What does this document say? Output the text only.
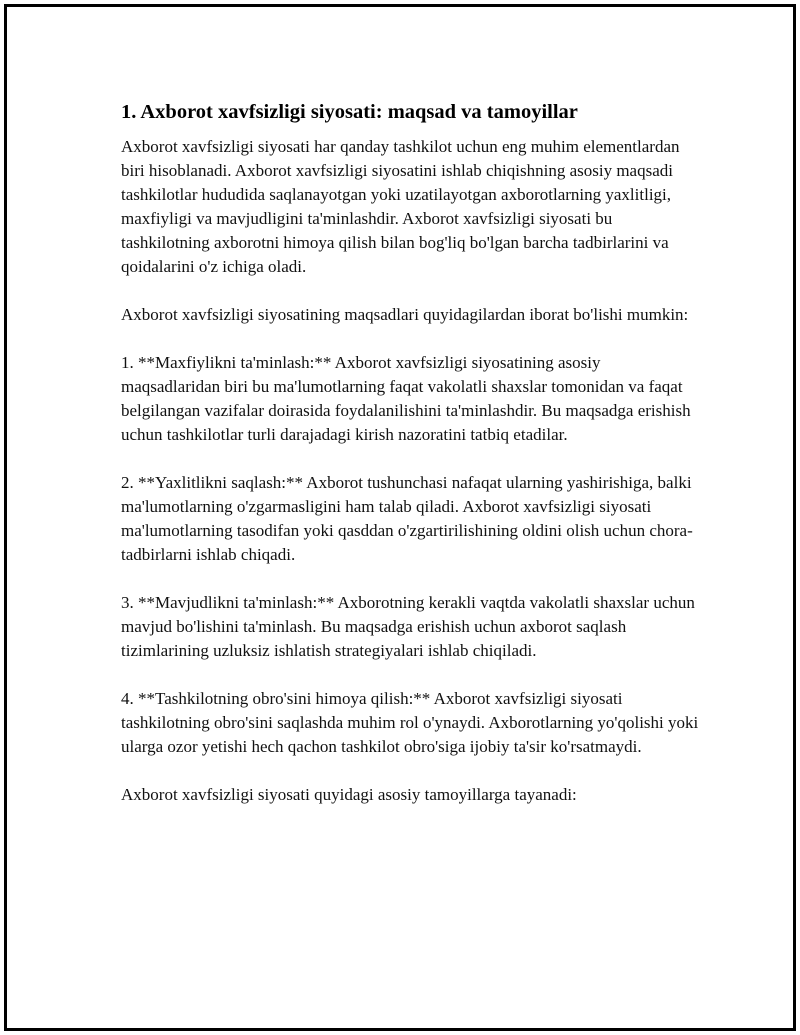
1. Axborot xavfsizligi siyosati: maqsad va tamoyillar

Axborot xavfsizligi siyosati har qanday tashkilot uchun eng muhim elementlardan biri hisoblanadi. Axborot xavfsizligi siyosatini ishlab chiqishning asosiy maqsadi tashkilotlar hududida saqlanayotgan yoki uzatilayotgan axborotlarning yaxlitligi, maxfiyligi va mavjudligini ta'minlashdir. Axborot xavfsizligi siyosati bu tashkilotning axborotni himoya qilish bilan bog'liq bo'lgan barcha tadbirlarini va qoidalarini o'z ichiga oladi.

Axborot xavfsizligi siyosatining maqsadlari quyidagilardan iborat bo'lishi mumkin:

1. **Maxfiylikni ta'minlash:** Axborot xavfsizligi siyosatining asosiy maqsadlaridan biri bu ma'lumotlarning faqat vakolatli shaxslar tomonidan va faqat belgilangan vazifalar doirasida foydalanilishini ta'minlashdir. Bu maqsadga erishish uchun tashkilotlar turli darajadagi kirish nazoratini tatbiq etadilar.

2. **Yaxlitlikni saqlash:** Axborot tushunchasi nafaqat ularning yashirishiga, balki ma'lumotlarning o'zgarmasligini ham talab qiladi. Axborot xavfsizligi siyosati ma'lumotlarning tasodifan yoki qasddan o'zgartirilishining oldini olish uchun chora-tadbirlarni ishlab chiqadi.

3. **Mavjudlikni ta'minlash:** Axborotning kerakli vaqtda vakolatli shaxslar uchun mavjud bo'lishini ta'minlash. Bu maqsadga erishish uchun axborot saqlash tizimlarining uzluksiz ishlatish strategiyalari ishlab chiqiladi.

4. **Tashkilotning obro'sini himoya qilish:** Axborot xavfsizligi siyosati tashkilotning obro'sini saqlashda muhim rol o'ynaydi. Axborotlarning yo'qolishi yoki ularga ozor yetishi hech qachon tashkilot obro'siga ijobiy ta'sir ko'rsatmaydi.

Axborot xavfsizligi siyosati quyidagi asosiy tamoyillarga tayanadi:
